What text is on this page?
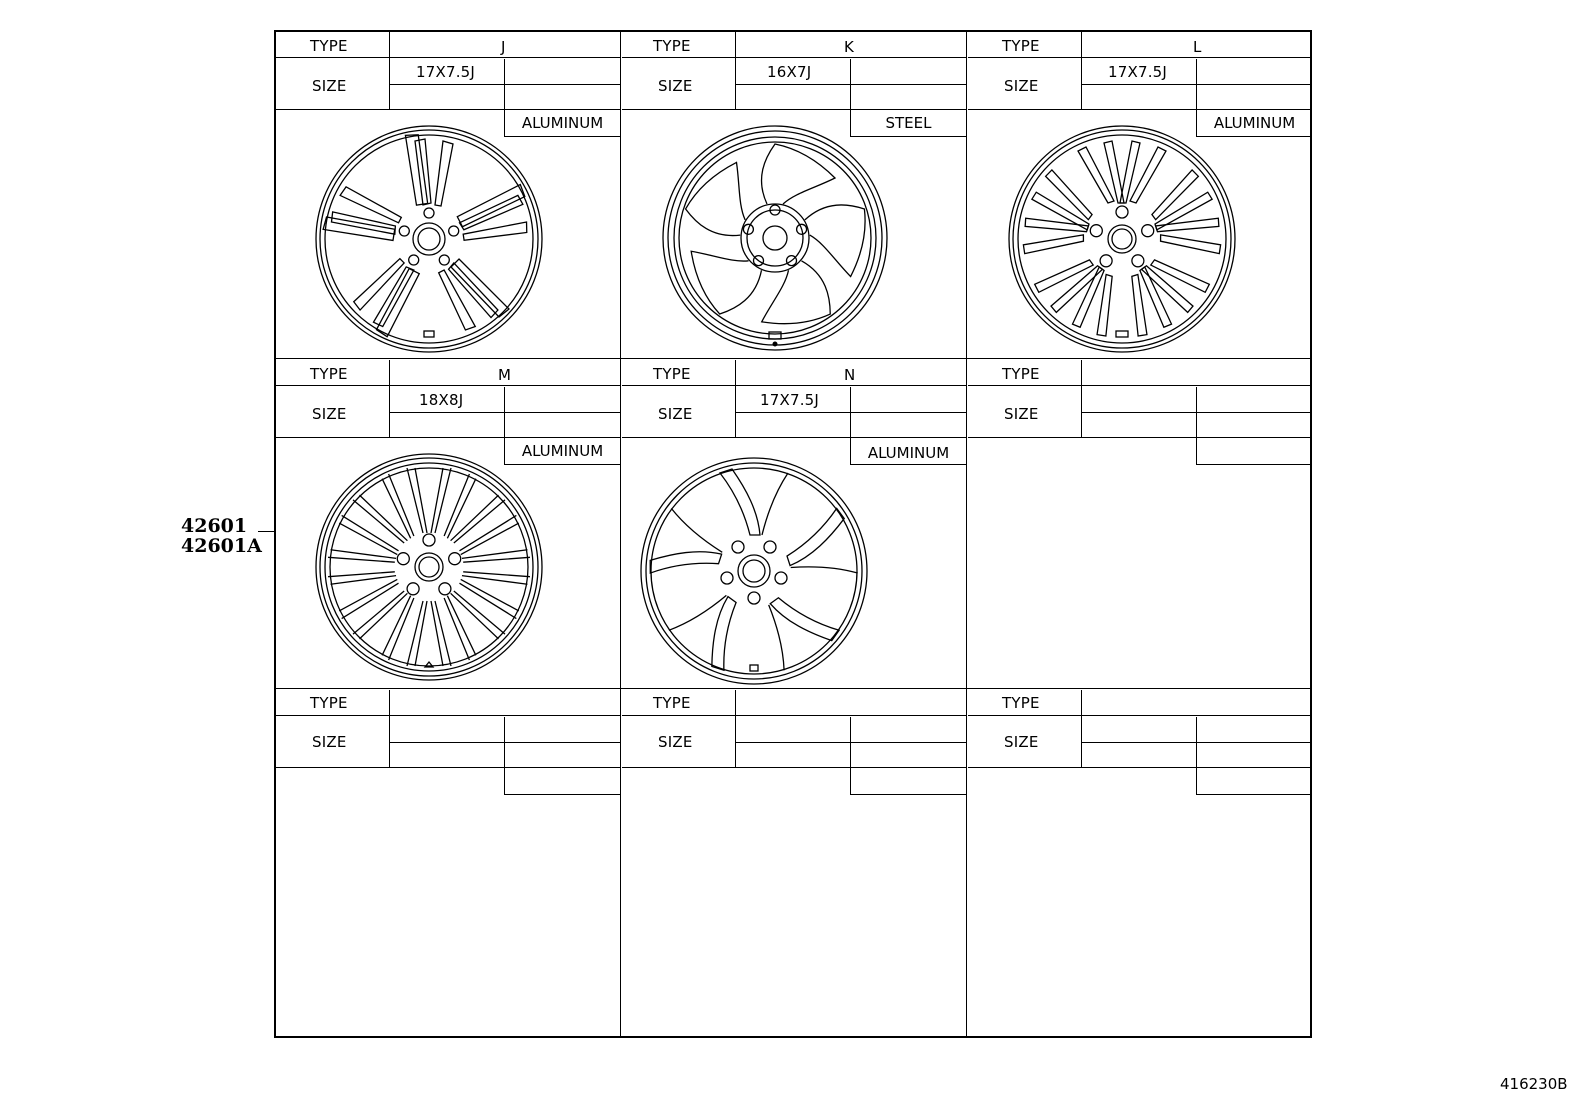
42601
42601A
TYPE	J
SIZE
17X7.5J
ALUMINUM
TYPE	K
SIZE
16X7J
STEEL
TYPE	L
SIZE
17X7.5J
ALUMINUM
TYPE	M
SIZE
18X8J
ALUMINUM
TYPE	N
SIZE
17X7.5J
ALUMINUM
TYPE
SIZE
TYPE
SIZE
TYPE
SIZE
TYPE
SIZE
416230B
